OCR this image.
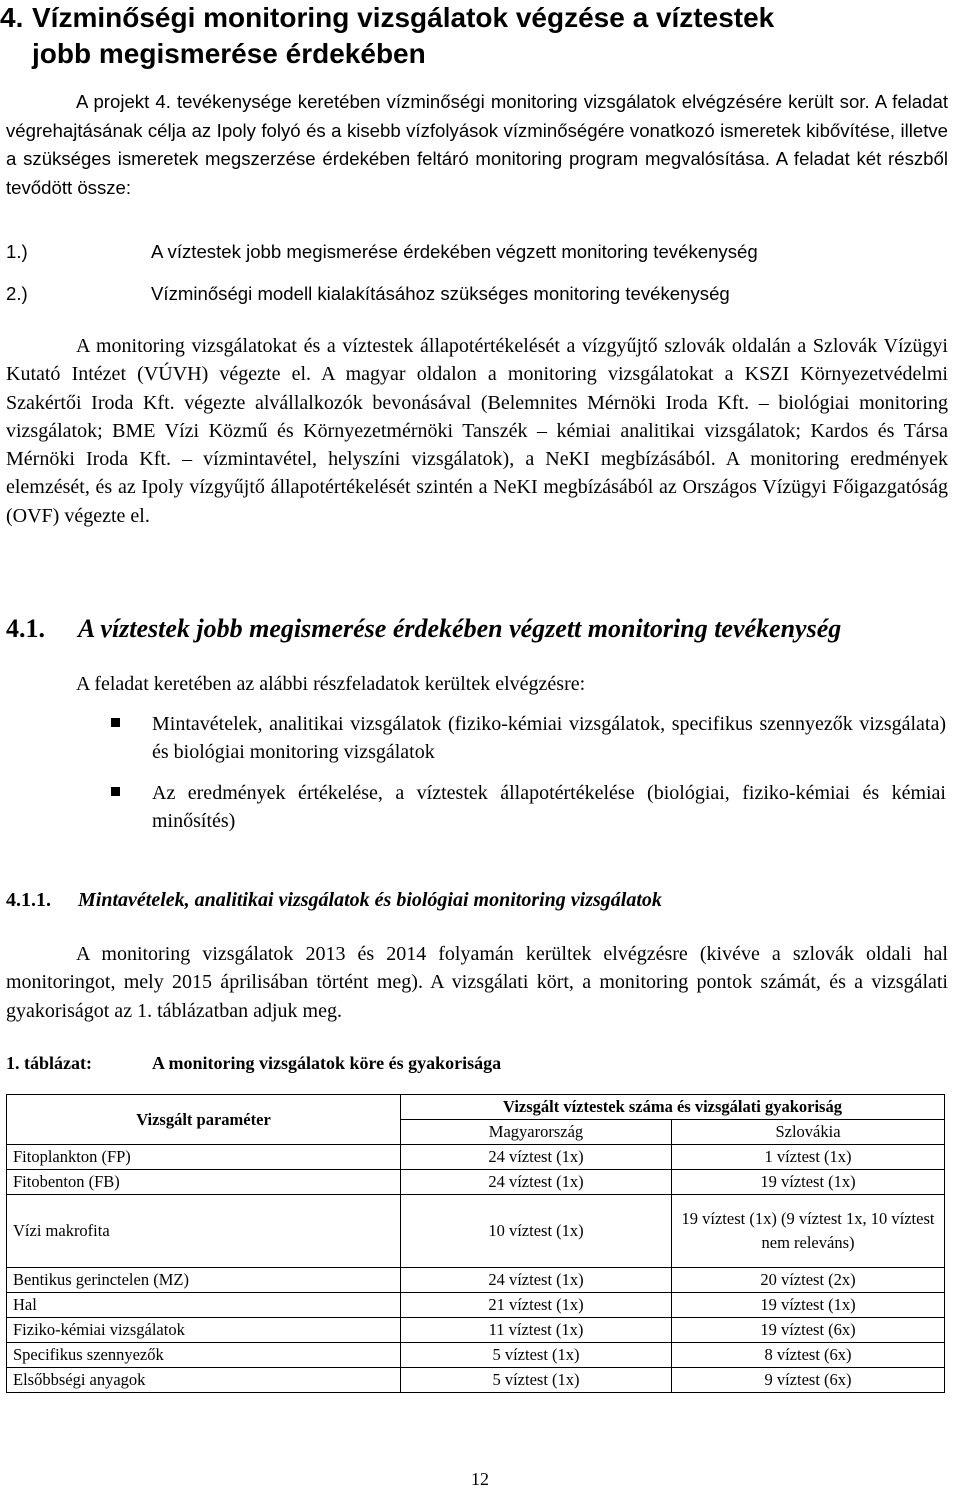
4. Vízminőségi monitoring vizsgálatok végzése a víztestek
jobb megismerése érdekében

A projekt 4. tevékenysége keretében vízminőségi monitoring vizsgálatok elvégzésére került sor. A feladat végrehajtásának célja az Ipoly folyó és a kisebb vízfolyások vízminőségére vonatkozó ismeretek kibővítése, illetve a szükséges ismeretek megszerzése érdekében feltáró monitoring program megvalósítása. A feladat két részből tevődött össze:

1.)	A víztestek jobb megismerése érdekében végzett monitoring tevékenység

2.)	Vízminőségi modell kialakításához szükséges monitoring tevékenység

A monitoring vizsgálatokat és a víztestek állapotértékelését a vízgyűjtő szlovák oldalán a Szlovák Vízügyi Kutató Intézet (VÚVH) végezte el. A magyar oldalon a monitoring vizsgálatokat a KSZI Környezetvédelmi Szakértői Iroda Kft. végezte alvállalkozók bevonásával (Belemnites Mérnöki Iroda Kft. – biológiai monitoring vizsgálatok; BME Vízi Közmű és Környezetmérnöki Tanszék – kémiai analitikai vizsgálatok; Kardos és Társa Mérnöki Iroda Kft. – vízmintavétel, helyszíni vizsgálatok), a NeKI megbízásából. A monitoring eredmények elemzését, és az Ipoly vízgyűjtő állapotértékelését szintén a NeKI megbízásából az Országos Vízügyi Főigazgatóság (OVF) végezte el.

4.1. A víztestek jobb megismerése érdekében végzett monitoring tevékenység

A feladat keretében az alábbi részfeladatok kerültek elvégzésre:

Mintavételek, analitikai vizsgálatok (fiziko-kémiai vizsgálatok, specifikus szennyezők vizsgálata) és biológiai monitoring vizsgálatok
Az eredmények értékelése, a víztestek állapotértékelése (biológiai, fiziko-kémiai és kémiai minősítés)
4.1.1. Mintavételek, analitikai vizsgálatok és biológiai monitoring vizsgálatok

A monitoring vizsgálatok 2013 és 2014 folyamán kerültek elvégzésre (kivéve a szlovák oldali hal monitoringot, mely 2015 áprilisában történt meg). A vizsgálati kört, a monitoring pontok számát, és a vizsgálati gyakoriságot az 1. táblázatban adjuk meg.

1. táblázat:	A monitoring vizsgálatok köre és gyakorisága

Vizsgált paraméter	Vizsgált víztestek száma és vizsgálati gyakoriság	
	Magyarország	Szlovákia
Fitoplankton (FP)	24 víztest (1x)	1 víztest (1x)
Fitobenton (FB)	24 víztest (1x)	19 víztest (1x)
Vízi makrofita	10 víztest (1x)	19 víztest (1x) (9 víztest 1x, 10 víztest nem releváns)
Bentikus gerinctelen (MZ)	24 víztest (1x)	20 víztest (2x)
Hal	21 víztest (1x)	19 víztest (1x)
Fiziko-kémiai vizsgálatok	11 víztest (1x)	19 víztest (6x)
Specifikus szennyezők	5 víztest (1x)	8 víztest (6x)
Elsőbbségi anyagok	5 víztest (1x)	9 víztest (6x)
12
